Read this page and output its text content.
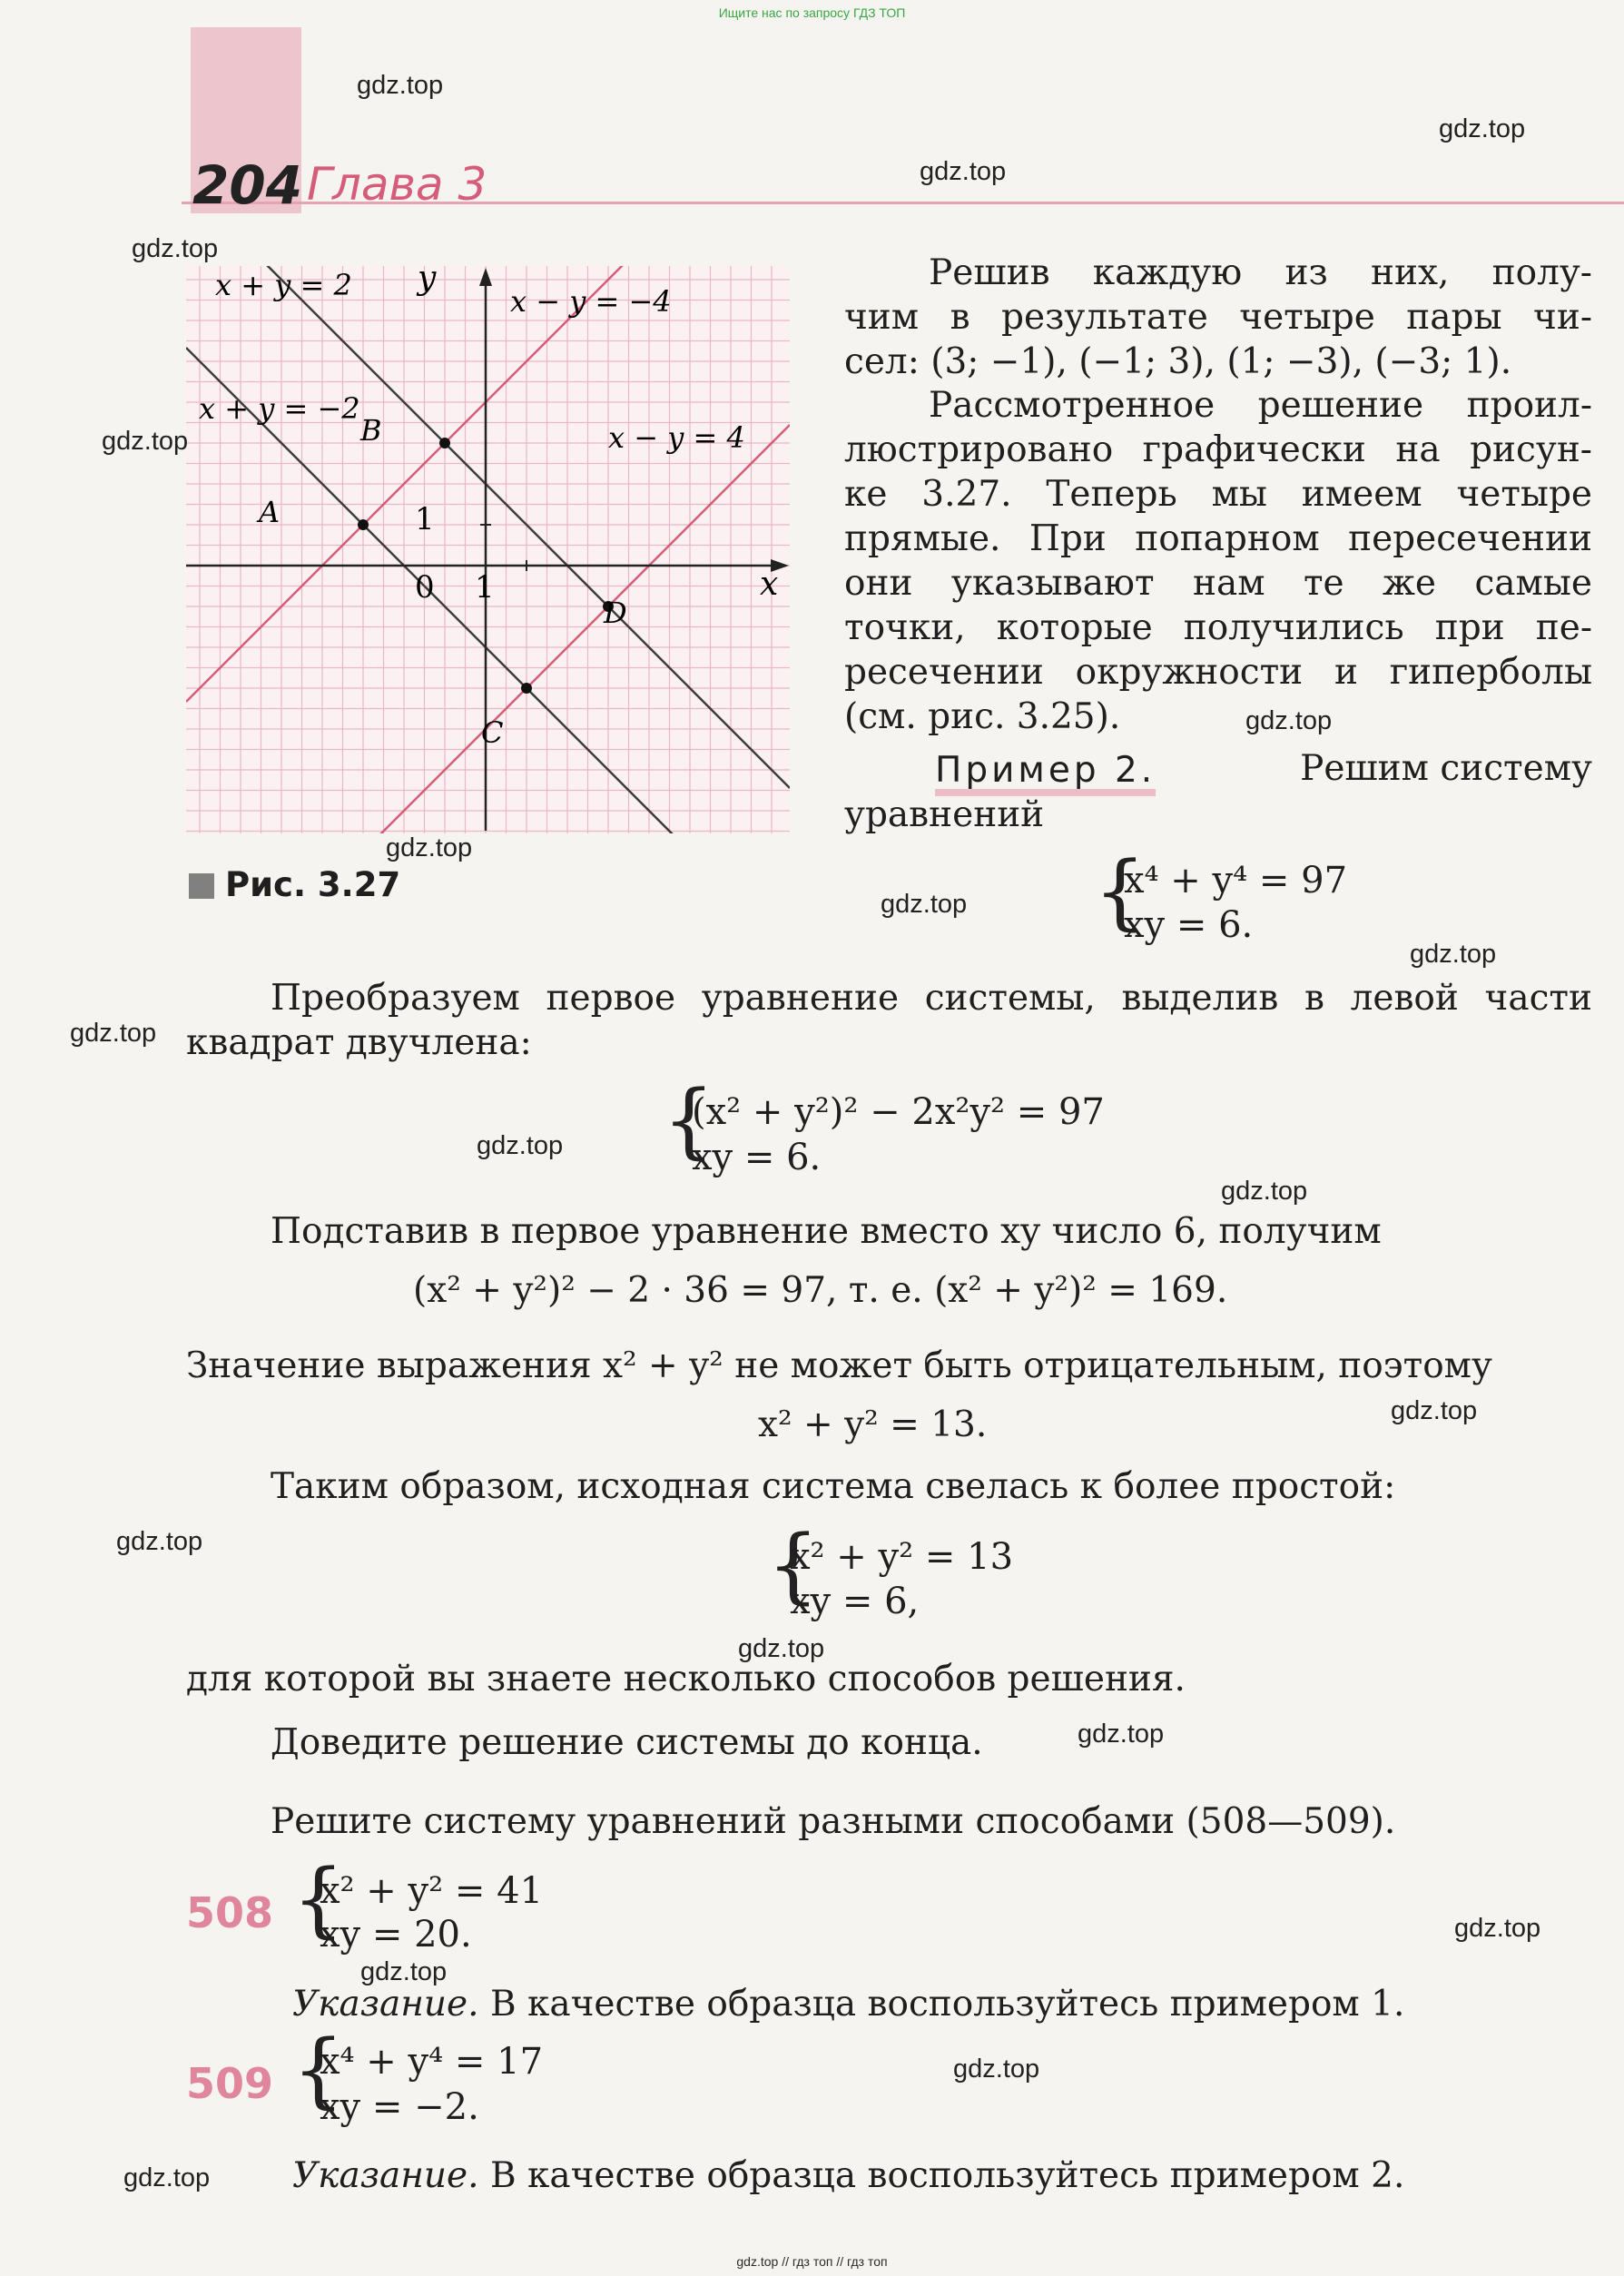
Ищите нас по запросу ГДЗ ТОП
204 Глава 3
x
y
0 1
1
x + y = 2	x − y = −4
x + y = −2
x − y = 4
A
B
C
D
Рис. 3.27
Решив каждую из них, полу-
чим в результате четыре пары чи-
сел: (3; −1), (−1; 3), (1; −3), (−3; 1).
Рассмотренное решение проил-
люстрировано графически на рисун-
ке 3.27. Теперь мы имеем четыре
прямые. При попарном пересечении
они указывают нам те же самые
точки, которые получились при пе-
ресечении окружности и гиперболы
(см. рис. 3.25).
Пример 2.	Решим систему
уравнений
{
x⁴ + y⁴ = 97
xy = 6.
Преобразуем первое уравнение системы, выделив в левой части
квадрат двучлена:
{
(x² + y²)² − 2x²y² = 97
xy = 6.
Подставив в первое уравнение вместо xy число 6, получим
(x² + y²)² − 2 · 36 = 97, т. е. (x² + y²)² = 169.
Значение выражения x² + y² не может быть отрицательным, поэтому
x² + y² = 13.
Таким образом, исходная система свелась к более простой:
{
x² + y² = 13
xy = 6,
для которой вы знаете несколько способов решения.
Доведите решение системы до конца.
Решите систему уравнений разными способами (508—509).
508 {
x² + y² = 41
xy = 20.
Указание. В качестве образца воспользуйтесь примером 1.
509 {
x⁴ + y⁴ = 17
xy = −2.
Указание. В качестве образца воспользуйтесь примером 2.
gdz.top
gdz.top
gdz.top
gdz.top
gdz.top
gdz.top
gdz.top
gdz.top
gdz.top
gdz.top
gdz.top
gdz.top
gdz.top
gdz.top
gdz.top
gdz.top
gdz.top
gdz.top
gdz.top
gdz.top
gdz.top // гдз топ // гдз топ
